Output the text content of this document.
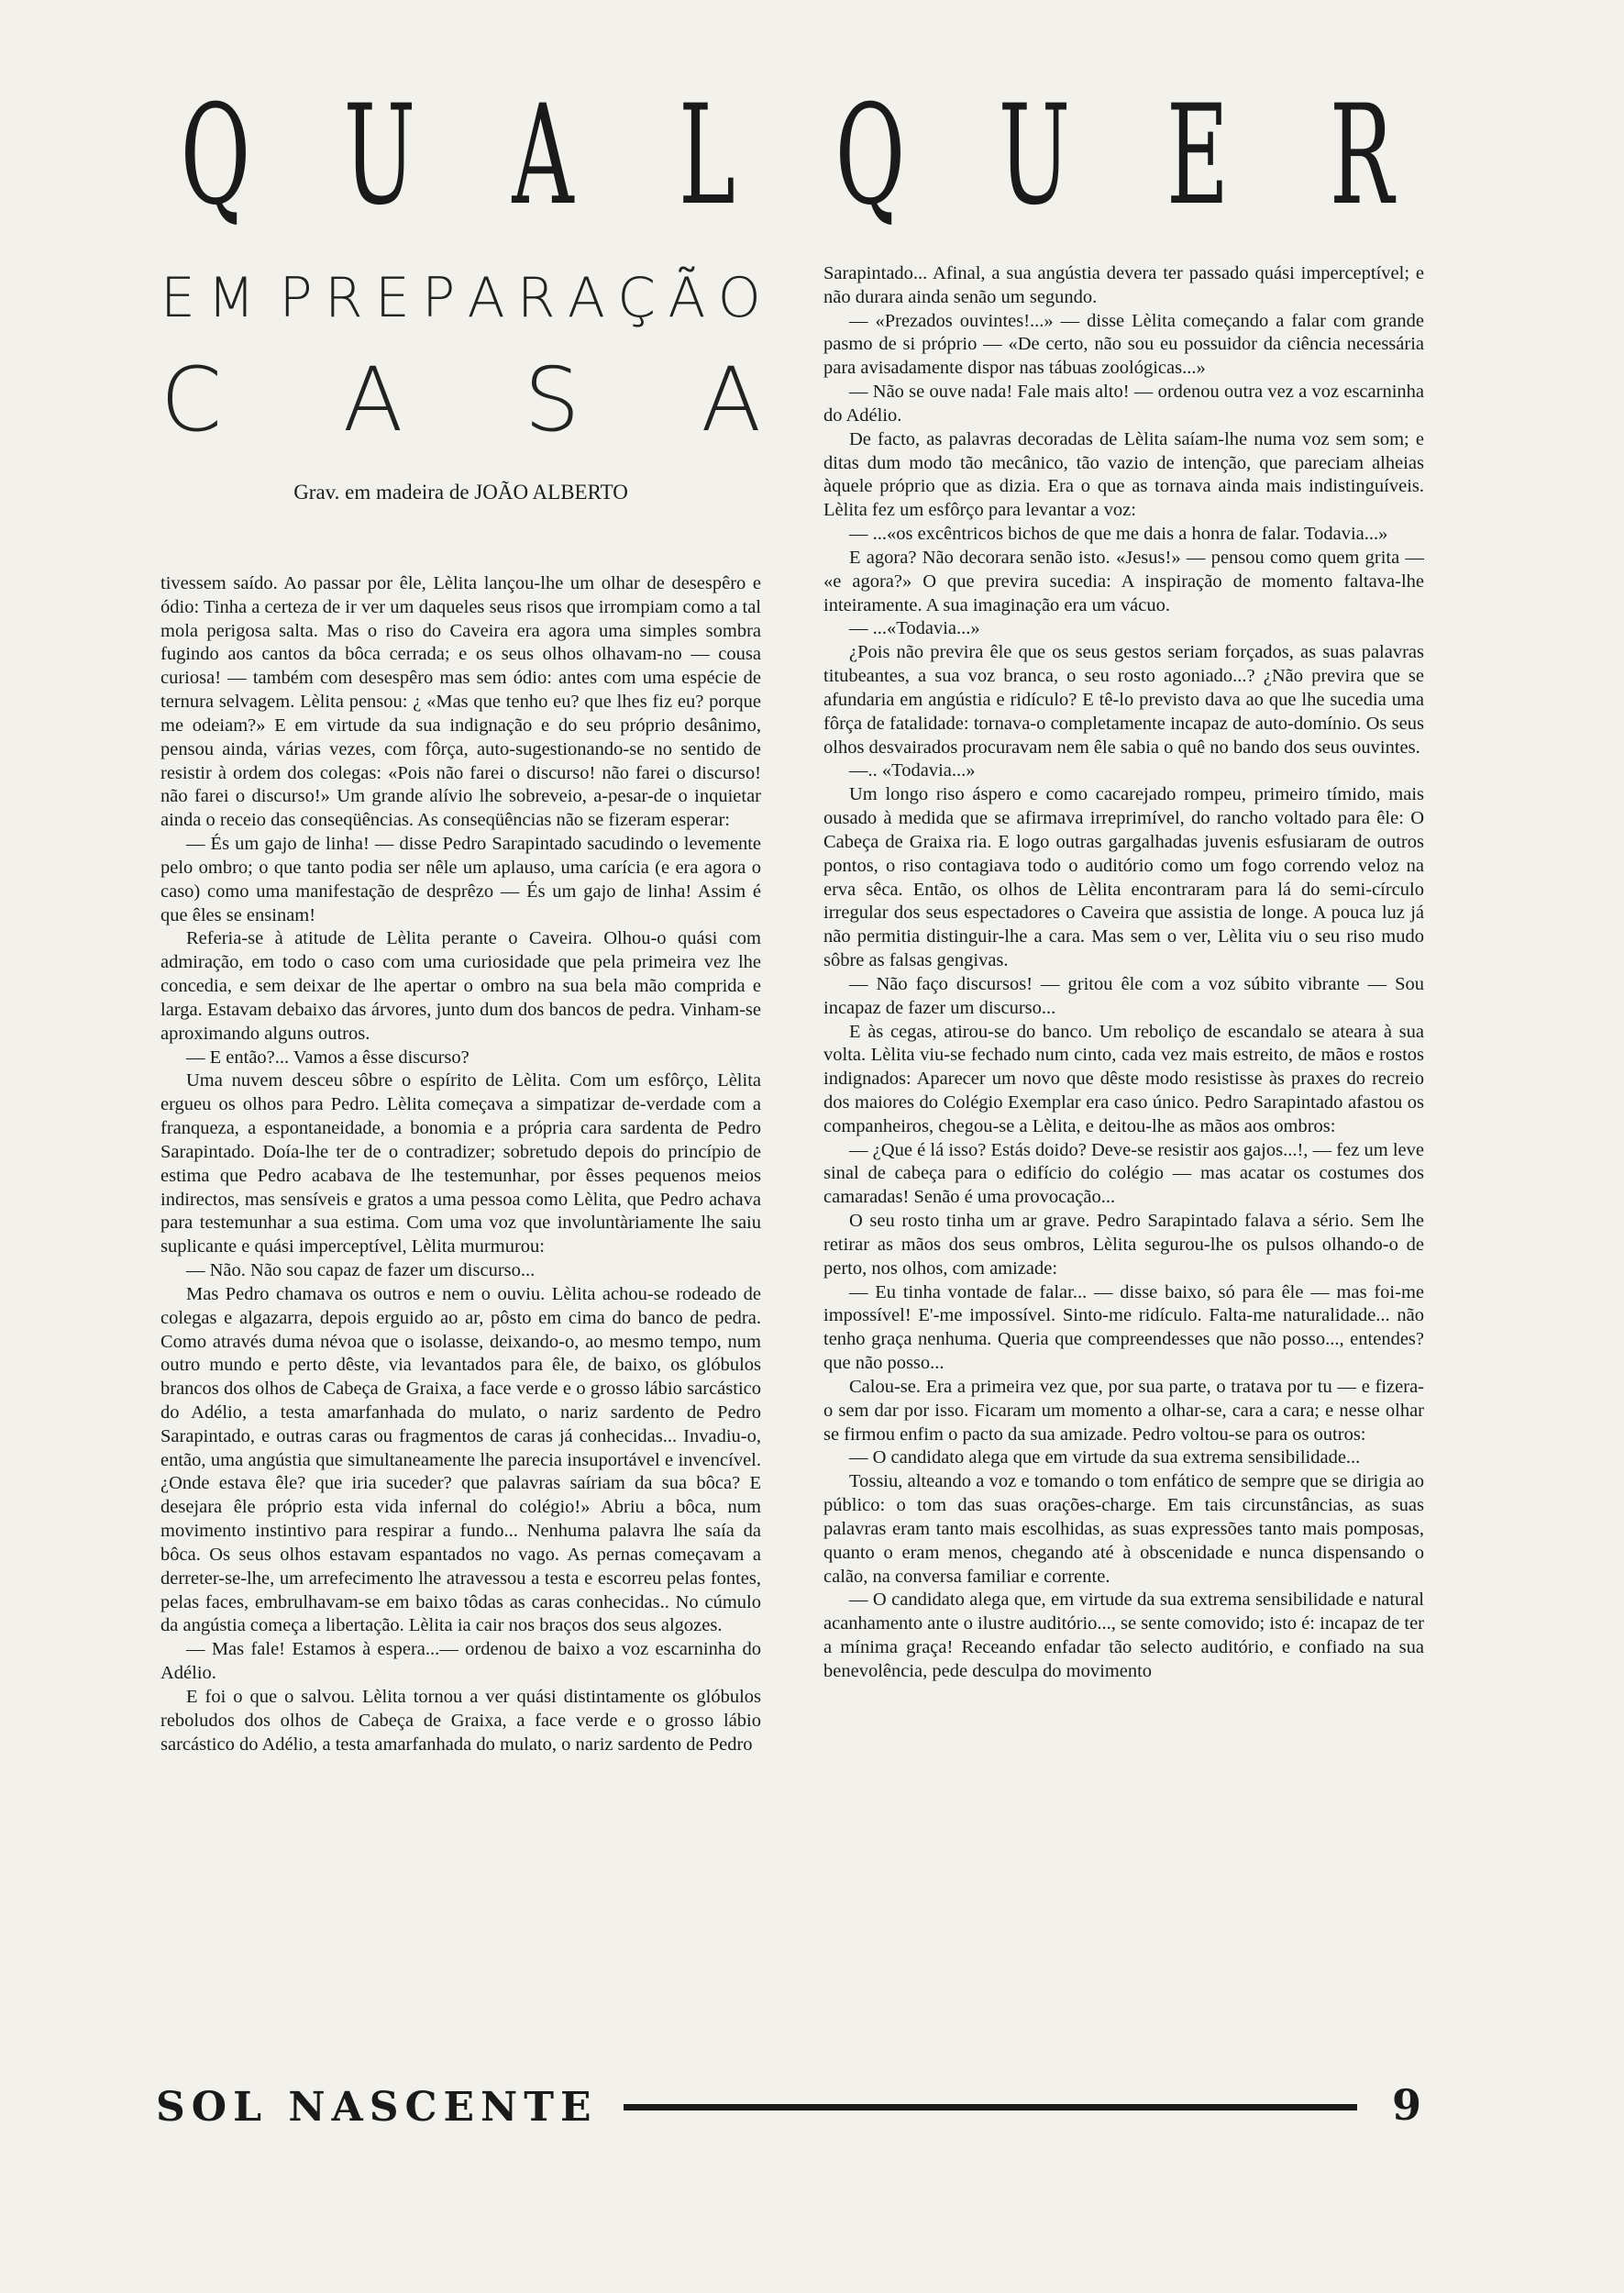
Q U A L Q U E R
E M P R E P A R A Ç Ã O
C A S A
Grav. em madeira de JOÃO ALBERTO

tivessem saído. Ao passar por êle, Lèlita lançou-lhe um olhar de desespêro e ódio: Tinha a certeza de ir ver um daqueles seus risos que irrompiam como a tal mola perigosa salta. Mas o riso do Caveira era agora uma simples sombra fugindo aos cantos da bôca cerrada; e os seus olhos olhavam-no — cousa curiosa! — também com desespêro mas sem ódio: antes com uma espécie de ternura selvagem. Lèlita pensou: ¿ «Mas que tenho eu? que lhes fiz eu? porque me odeiam?» E em virtude da sua indignação e do seu próprio desânimo, pensou ainda, várias vezes, com fôrça, auto-sugestionando-se no sentido de resistir à ordem dos colegas: «Pois não farei o discurso! não farei o discurso! não farei o discurso!» Um grande alívio lhe sobreveio, a-pesar-de o inquietar ainda o receio das conseqüências. As conseqüências não se fizeram esperar:

— És um gajo de linha! — disse Pedro Sarapintado sacudindo o levemente pelo ombro; o que tanto podia ser nêle um aplauso, uma carícia (e era agora o caso) como uma manifestação de desprêzo — És um gajo de linha! Assim é que êles se ensinam!

Referia-se à atitude de Lèlita perante o Caveira. Olhou-o quási com admiração, em todo o caso com uma curiosidade que pela primeira vez lhe concedia, e sem deixar de lhe apertar o ombro na sua bela mão comprida e larga. Estavam debaixo das árvores, junto dum dos bancos de pedra. Vinham-se aproximando alguns outros.

— E então?... Vamos a êsse discurso?

Uma nuvem desceu sôbre o espírito de Lèlita. Com um esfôrço, Lèlita ergueu os olhos para Pedro. Lèlita começava a simpatizar de-verdade com a franqueza, a espontaneidade, a bonomia e a própria cara sardenta de Pedro Sarapintado. Doía-lhe ter de o contradizer; sobretudo depois do princípio de estima que Pedro acabava de lhe testemunhar, por êsses pequenos meios indirectos, mas sensíveis e gratos a uma pessoa como Lèlita, que Pedro achava para testemunhar a sua estima. Com uma voz que involuntàriamente lhe saiu suplicante e quási imperceptível, Lèlita murmurou:

— Não. Não sou capaz de fazer um discurso...

Mas Pedro chamava os outros e nem o ouviu. Lèlita achou-se rodeado de colegas e algazarra, depois erguido ao ar, pôsto em cima do banco de pedra. Como através duma névoa que o isolasse, deixando-o, ao mesmo tempo, num outro mundo e perto dêste, via levantados para êle, de baixo, os glóbulos brancos dos olhos de Cabeça de Graixa, a face verde e o grosso lábio sarcástico do Adélio, a testa amarfanhada do mulato, o nariz sardento de Pedro Sarapintado, e outras caras ou fragmentos de caras já conhecidas... Invadiu-o, então, uma angústia que simultaneamente lhe parecia insuportável e invencível. ¿Onde estava êle? que iria suceder? que palavras saíriam da sua bôca? E desejara êle próprio esta vida infernal do colégio!» Abriu a bôca, num movimento instintivo para respirar a fundo... Nenhuma palavra lhe saía da bôca. Os seus olhos estavam espantados no vago. As pernas começavam a derreter-se-lhe, um arrefecimento lhe atravessou a testa e escorreu pelas fontes, pelas faces, embrulhavam-se em baixo tôdas as caras conhecidas.. No cúmulo da angústia começa a libertação. Lèlita ia cair nos braços dos seus algozes.

— Mas fale! Estamos à espera...— ordenou de baixo a voz escarninha do Adélio.

E foi o que o salvou. Lèlita tornou a ver quási distintamente os glóbulos reboludos dos olhos de Cabeça de Graixa, a face verde e o grosso lábio sarcástico do Adélio, a testa amarfanhada do mulato, o nariz sardento de Pedro

Sarapintado... Afinal, a sua angústia devera ter passado quási imperceptível; e não durara ainda senão um segundo.

— «Prezados ouvintes!...» — disse Lèlita começando a falar com grande pasmo de si próprio — «De certo, não sou eu possuidor da ciência necessária para avisadamente dispor nas tábuas zoológicas...»

— Não se ouve nada! Fale mais alto! — ordenou outra vez a voz escarninha do Adélio.

De facto, as palavras decoradas de Lèlita saíam-lhe numa voz sem som; e ditas dum modo tão mecânico, tão vazio de intenção, que pareciam alheias àquele próprio que as dizia. Era o que as tornava ainda mais indistinguíveis. Lèlita fez um esfôrço para levantar a voz:

— ...«os excêntricos bichos de que me dais a honra de falar. Todavia...»

E agora? Não decorara senão isto. «Jesus!» — pensou como quem grita — «e agora?» O que previra sucedia: A inspiração de momento faltava-lhe inteiramente. A sua imaginação era um vácuo.

— ...«Todavia...»

¿Pois não previra êle que os seus gestos seriam forçados, as suas palavras titubeantes, a sua voz branca, o seu rosto agoniado...? ¿Não previra que se afundaria em angústia e ridículo? E tê-lo previsto dava ao que lhe sucedia uma fôrça de fatalidade: tornava-o completamente incapaz de auto-domínio. Os seus olhos desvairados procuravam nem êle sabia o quê no bando dos seus ouvintes.

—.. «Todavia...»

Um longo riso áspero e como cacarejado rompeu, primeiro tímido, mais ousado à medida que se afirmava irreprimível, do rancho voltado para êle: O Cabeça de Graixa ria. E logo outras gargalhadas juvenis esfusiaram de outros pontos, o riso contagiava todo o auditório como um fogo correndo veloz na erva sêca. Então, os olhos de Lèlita encontraram para lá do semi-círculo irregular dos seus espectadores o Caveira que assistia de longe. A pouca luz já não permitia distinguir-lhe a cara. Mas sem o ver, Lèlita viu o seu riso mudo sôbre as falsas gengivas.

— Não faço discursos! — gritou êle com a voz súbito vibrante — Sou incapaz de fazer um discurso...

E às cegas, atirou-se do banco. Um reboliço de escandalo se ateara à sua volta. Lèlita viu-se fechado num cinto, cada vez mais estreito, de mãos e rostos indignados: Aparecer um novo que dêste modo resistisse às praxes do recreio dos maiores do Colégio Exemplar era caso único. Pedro Sarapintado afastou os companheiros, chegou-se a Lèlita, e deitou-lhe as mãos aos ombros:

— ¿Que é lá isso? Estás doido? Deve-se resistir aos gajos...!, — fez um leve sinal de cabeça para o edifício do colégio — mas acatar os costumes dos camaradas! Senão é uma provocação...

O seu rosto tinha um ar grave. Pedro Sarapintado falava a sério. Sem lhe retirar as mãos dos seus ombros, Lèlita segurou-lhe os pulsos olhando-o de perto, nos olhos, com amizade:

— Eu tinha vontade de falar... — disse baixo, só para êle — mas foi-me impossível! E'-me impossível. Sinto-me ridículo. Falta-me naturalidade... não tenho graça nenhuma. Queria que compreendesses que não posso..., entendes? que não posso...

Calou-se. Era a primeira vez que, por sua parte, o tratava por tu — e fizera-o sem dar por isso. Ficaram um momento a olhar-se, cara a cara; e nesse olhar se firmou enfim o pacto da sua amizade. Pedro voltou-se para os outros:

— O candidato alega que em virtude da sua extrema sensibilidade...

Tossiu, alteando a voz e tomando o tom enfático de sempre que se dirigia ao público: o tom das suas orações-charge. Em tais circunstâncias, as suas palavras eram tanto mais escolhidas, as suas expressões tanto mais pomposas, quanto o eram menos, chegando até à obscenidade e nunca dispensando o calão, na conversa familiar e corrente.

— O candidato alega que, em virtude da sua extrema sensibilidade e natural acanhamento ante o ilustre auditório..., se sente comovido; isto é: incapaz de ter a mínima graça! Receando enfadar tão selecto auditório, e confiado na sua benevolência, pede desculpa do movimento

SOL NASCENTE	9
